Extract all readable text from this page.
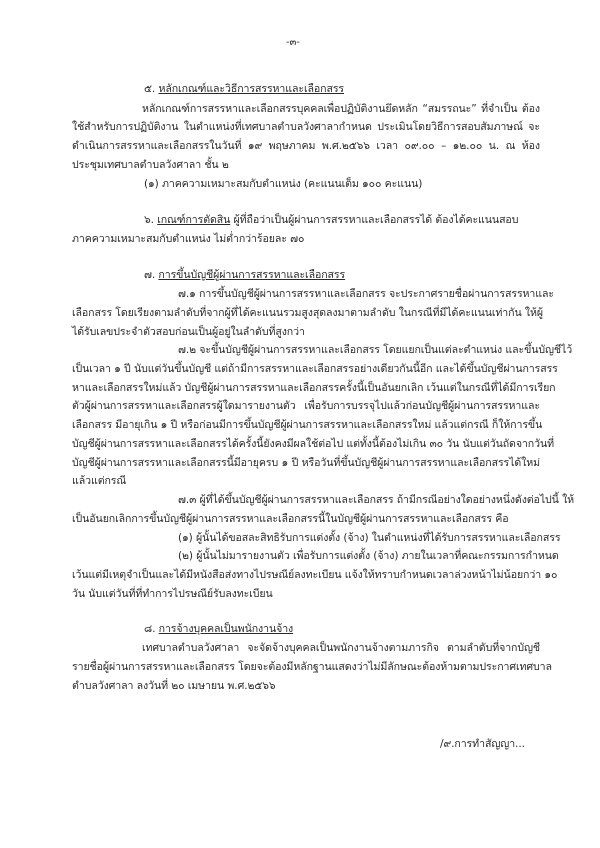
-๓-
๕. หลักเกณฑ์และวิธีการสรรหาและเลือกสรร
หลักเกณฑ์การสรรหาและเลือกสรรบุคคลเพื่อปฏิบัติงานยึดหลัก “สมรรถนะ” ที่จำเป็น ต้อง
ใช้สำหรับการปฏิบัติงาน ในตำแหน่งที่เทศบาลตำบลวังศาลากำหนด ประเมินโดยวิธีการสอบสัมภาษณ์ จะ
ดำเนินการสรรหาและเลือกสรรในวันที่ ๑๙ พฤษภาคม พ.ศ.๒๕๖๖ เวลา ๐๙.๐๐ – ๑๒.๐๐ น. ณ ห้อง
ประชุมเทศบาลตำบลวังศาลา ชั้น ๒
(๑) ภาคความเหมาะสมกับตำแหน่ง (คะแนนเต็ม ๑๐๐ คะแนน)
๖. เกณฑ์การตัดสิน ผู้ที่ถือว่าเป็นผู้ผ่านการสรรหาและเลือกสรรได้ ต้องได้คะแนนสอบ
ภาคความเหมาะสมกับตำแหน่ง ไม่ต่ำกว่าร้อยละ ๗๐
๗. การขึ้นบัญชีผู้ผ่านการสรรหาและเลือกสรร
๗.๑ การขึ้นบัญชีผู้ผ่านการสรรหาและเลือกสรร จะประกาศรายชื่อผ่านการสรรหาและ
เลือกสรร โดยเรียงตามลำดับที่จากผู้ที่ได้คะแนนรวมสูงสุดลงมาตามลำดับ ในกรณีที่มีได้คะแนนเท่ากัน ให้ผู้
ได้รับเลขประจำตัวสอบก่อนเป็นผู้อยู่ในลำดับที่สูงกว่า
๗.๒ จะขึ้นบัญชีผู้ผ่านการสรรหาและเลือกสรร โดยแยกเป็นแต่ละตำแหน่ง และขึ้นบัญชีไว้
เป็นเวลา ๑ ปี นับแต่วันขึ้นบัญชี แต่ถ้ามีการสรรหาและเลือกสรรอย่างเดียวกันนี้อีก และได้ขึ้นบัญชีผ่านการสรร
หาและเลือกสรรใหม่แล้ว บัญชีผู้ผ่านการสรรหาและเลือกสรรครั้งนี้เป็นอันยกเลิก เว้นแต่ในกรณีที่ได้มีการเรียก
ตัวผู้ผ่านการสรรหาและเลือกสรรผู้ใดมารายงานตัว เพื่อรับการบรรจุไปแล้วก่อนบัญชีผู้ผ่านการสรรหาและ
เลือกสรร มีอายุเกิน ๑ ปี หรือก่อนมีการขึ้นบัญชีผู้ผ่านการสรรหาและเลือกสรรใหม่ แล้วแต่กรณี ก็ให้การขึ้น
บัญชีผู้ผ่านการสรรหาและเลือกสรรได้ครั้งนี้ยังคงมีผลใช้ต่อไป แต่ทั้งนี้ต้องไม่เกิน ๓๐ วัน นับแต่วันถัดจากวันที่
บัญชีผู้ผ่านการสรรหาและเลือกสรรนี้มีอายุครบ ๑ ปี หรือวันที่ขึ้นบัญชีผู้ผ่านการสรรหาและเลือกสรรได้ใหม่
แล้วแต่กรณี
๗.๓ ผู้ที่ได้ขึ้นบัญชีผู้ผ่านการสรรหาและเลือกสรร ถ้ามีกรณีอย่างใดอย่างหนึ่งดังต่อไปนี้ ให้
เป็นอันยกเลิกการขึ้นบัญชีผู้ผ่านการสรรหาและเลือกสรรนี้ในบัญชีผู้ผ่านการสรรหาและเลือกสรร คือ
(๑) ผู้นั้นได้ขอสละสิทธิรับการแต่งตั้ง (จ้าง) ในตำแหน่งที่ได้รับการสรรหาและเลือกสรร
(๒) ผู้นั้นไม่มารายงานตัว เพื่อรับการแต่งตั้ง (จ้าง) ภายในเวลาที่คณะกรรมการกำหนด
เว้นแต่มีเหตุจำเป็นและได้มีหนังสือส่งทางไปรษณีย์ลงทะเบียน แจ้งให้ทราบกำหนดเวลาล่วงหน้าไม่น้อยกว่า ๑๐
วัน นับแต่วันที่ที่ทำการไปรษณีย์รับลงทะเบียน
๘. การจ้างบุคคลเป็นพนักงานจ้าง
เทศบาลตำบลวังศาลา จะจัดจ้างบุคคลเป็นพนักงานจ้างตามภารกิจ ตามลำดับที่จากบัญชี
รายชื่อผู้ผ่านการสรรหาและเลือกสรร โดยจะต้องมีหลักฐานแสดงว่าไม่มีลักษณะต้องห้ามตามประกาศเทศบาล
ตำบลวังศาลา ลงวันที่ ๒๐ เมษายน พ.ศ.๒๕๖๖
/๙.การทำสัญญา...
